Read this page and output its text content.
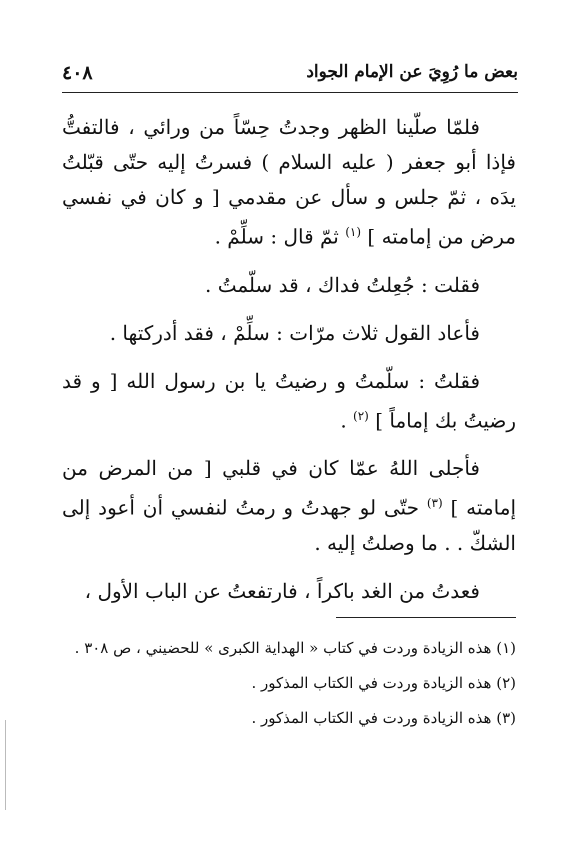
بعض ما رُوِيَ عن الإمام الجواد
٤٠٨

فلمّا صلّينا الظهر وجدتُ حِسّاً من ورائي ، فالتفتُّ فإذا أبو جعفر ( عليه السلام ) فسرتُ إليه حتّى قبّلتُ يدَه ، ثمّ جلس و سأل عن مقدمي [ و كان في نفسي مرض من إمامته ] $^{(١)}$ ثمّ قال : سلِّمْ .

فقلت : جُعِلتُ فداك ، قد سلّمتُ .

فأعاد القول ثلاث مرّات : سلِّمْ ، فقد أدركتها .

فقلتُ : سلّمتُ و رضيتُ يا بن رسول الله [ و قد رضيتُ بك إماماً ] $^{(٢)}$ .

فأجلى اللهُ عمّا كان في قلبي [ من المرض من إمامته ] $^{(٣)}$ حتّى لو جهدتُ و رمتُ لنفسي أن أعود إلى الشكّ . . ما وصلتُ إليه .

فعدتُ من الغد باكراً ، فارتفعتُ عن الباب الأول ،

(١) هذه الزيادة وردت في كتاب « الهداية الكبرى » للحضيني ، ص ٣٠٨ .

(٢) هذه الزيادة وردت في الكتاب المذكور .

(٣) هذه الزيادة وردت في الكتاب المذكور .
